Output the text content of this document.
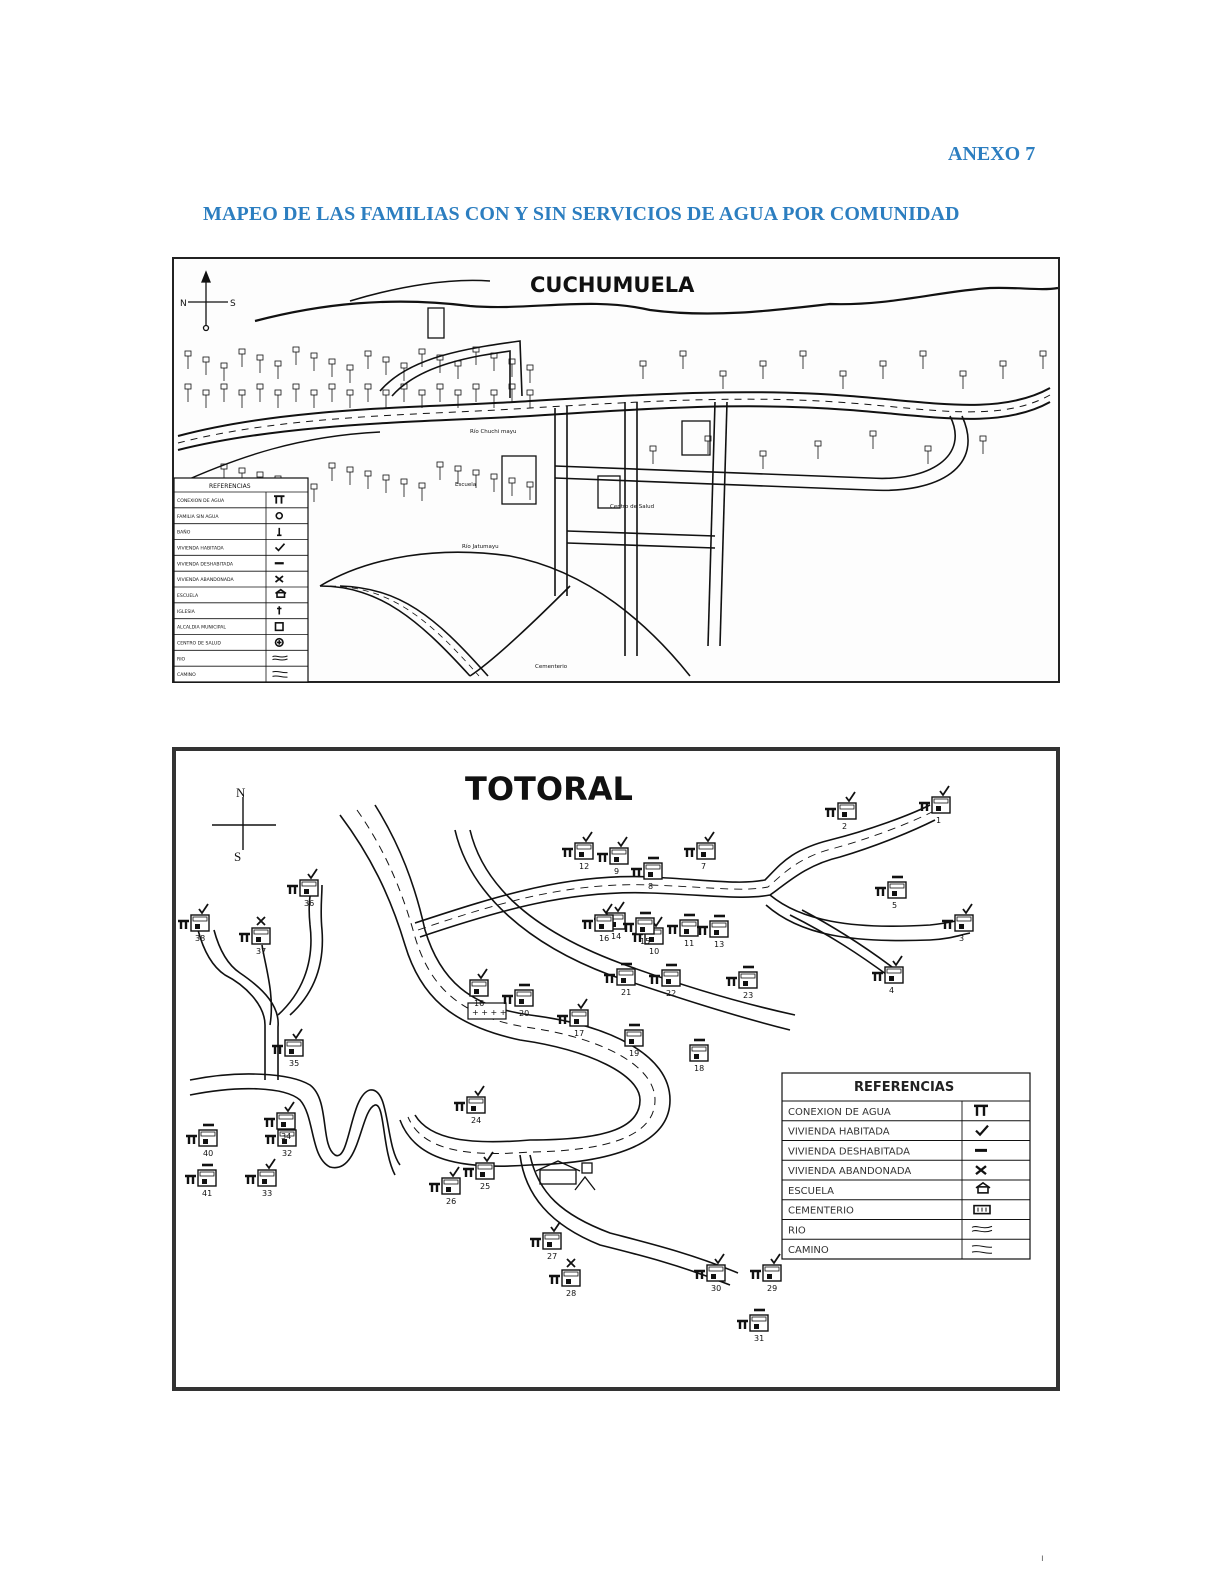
ANEXO 7
MAPEO DE LAS FAMILIAS CON Y SIN SERVICIOS DE AGUA POR COMUNIDAD
Río Chuchi mayu
Río Jatumayu
Escuela
Centro de Salud
Cementerio
CUCHUMUELA
N	S
REFERENCIAS
CONEXION DE AGUA
FAMILIA SIN AGUA
BAÑO
VIVIENDA HABITADA
VIVIENDA DESHABITADA
VIVIENDA ABANDONADA
ESCUELA
IGLESIA
ALCALDIA MUNICIPAL
CENTRO DE SALUD
RIO
CAMINO
+ + + +
1
2
3
4
5
7
8
9
10
11
12
13
14
15
16
16
17
18
19
20
21	22	23
24
25
26
27
28
29
30
31
32
33
34
35
36
37
38
40
41
TOTORAL
N
S
REFERENCIAS
CONEXION DE AGUA
VIVIENDA HABITADA
VIVIENDA DESHABITADA
VIVIENDA ABANDONADA
ESCUELA
CEMENTERIO
RIO
CAMINO
ı
